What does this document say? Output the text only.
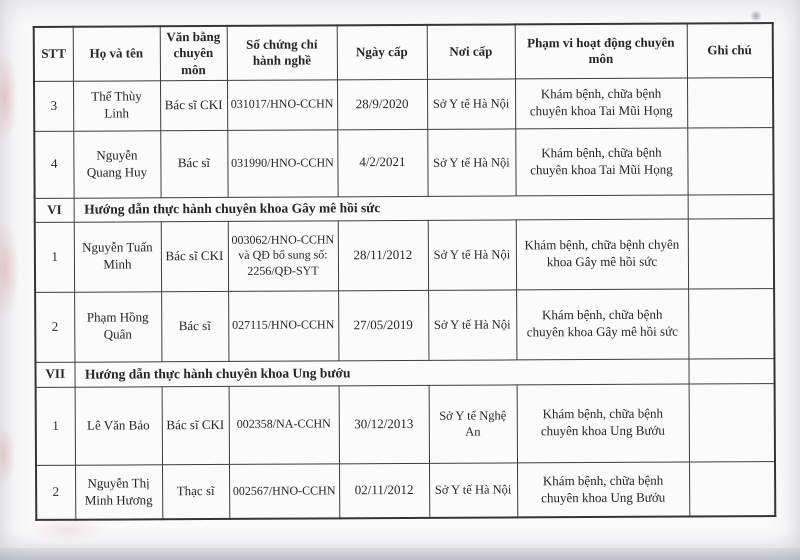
STT	Họ và tên	Văn bằng chuyên môn	Số chứng chỉ hành nghề	Ngày cấp	Nơi cấp	Phạm vi hoạt động chuyên môn	Ghi chú
3	Thế Thùy Linh	Bác sĩ CKI	031017/HNO-CCHN	28/9/2020	Sở Y tế Hà Nội	Khám bệnh, chữa bệnh chuyên khoa Tai Mũi Họng	
4	Nguyễn Quang Huy	Bác sĩ	031990/HNO-CCHN	4/2/2021	Sở Y tế Hà Nội	Khám bệnh, chữa bệnh chuyên khoa Tai Mũi Họng	
VI	Hướng dẫn thực hành chuyên khoa Gây mê hồi sức						
1	Nguyễn Tuấn Minh	Bác sĩ CKI	003062/HNO-CCHN và QĐ bổ sung số: 2256/QĐ-SYT	28/11/2012	Sở Y tế Hà Nội	Khám bệnh, chữa bệnh chyên khoa Gây mê hồi sức	
2	Phạm Hồng Quân	Bác sĩ	027115/HNO-CCHN	27/05/2019	Sở Y tế Hà Nội	Khám bệnh, chữa bệnh chuyên khoa Gây mê hồi sức	
VII	Hướng dẫn thực hành chuyên khoa Ung bướu						
1	Lê Văn Bảo	Bác sĩ CKI	002358/NA-CCHN	30/12/2013	Sở Y tế Nghệ An	Khám bệnh, chữa bệnh chuyên khoa Ung Bướu	
2	Nguyễn Thị Minh Hương	Thạc sĩ	002567/HNO-CCHN	02/11/2012	Sở Y tế Hà Nội	Khám bệnh, chữa bệnh chuyên khoa Ung Bướu	
